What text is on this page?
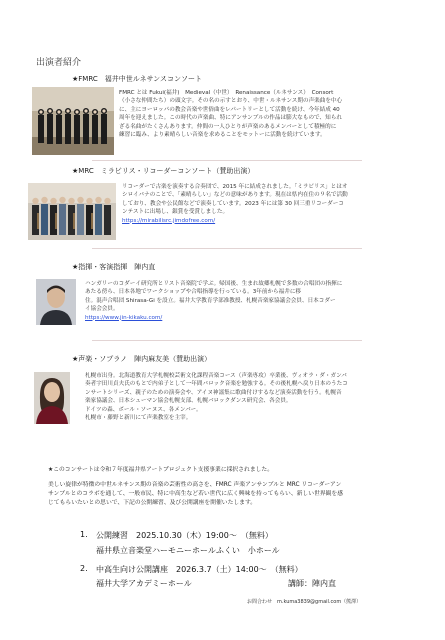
出演者紹介
★FMRC　福井中世ルネサンスコンソート
FMRC とは Fukui(福井)　Medieval（中世）　Renaissance（ルネサンス）　Consort
（小さな仲間たち）の頭文字。その名の示すとおり、中世・ルネサンス期の声楽曲を中心
に、主にヨーロッパの教会音楽や世俗曲をレパートリーとして活動を続け、今年結成 40
周年を迎えました。この時代の声楽曲、特にアンサンブルの作品は膨大なもので、知られ
ざる名曲がたくさんあります。仲間の一人ひとりが声楽のあるメンバーとして積極的に
練習に臨み、より素晴らしい音楽を求めることをモットーに活動を続けています。
★MRC　ミラビリス・リコーダーコンソート（賛助出演）
リコーダーで古楽を演奏する合奏団で、2015 年に結成されました。「ミラビリス」とはオ
シロイバナのことで、「素晴らしい」などの意味があります。現在は県内在住の９名で活動
しており、教会や公民館などで演奏しています。2023 年には第 30 回三重リコーダーコ
ンテストに出場し、銀賞を受賞しました。
https://mirabilisrc.jimdofree.com/
★指揮・客演指揮　陣内直
ハンガリーのコダーイ研究所とリスト音楽院で学ぶ。帰国後、生まれ故郷札幌で多数の合唱団の指揮に
あたる傍ら、日本各地でワークショップや合唱指導を行っている。3年前から福井に移
住。混声合唱団 Shirasa-Gi を設立。福井大学教育学部准教授、札幌音楽家協議会会員、日本コダー
イ協会会員。
https://www.jin-kikaku.com/
★声楽・ソプラノ　陣内麻友美（賛助出演）
札幌市出身。北海道教育大学札幌校芸術文化課程音楽コース（声楽専攻）卒業後、ヴィオラ・ダ・ガンバ
奏者宇田川貞夫氏のもとで内弟子として一年間バロック音楽を勉強する。その後札幌へ戻り日本のうたコ
ンサートシリーズ、親子のための演奏会や、アイヌ神謡集に歌曲付けするなど演奏活動を行う。札幌音
楽家協議会、日本シューマン協会札幌支部、札幌バロックダンス研究会、各会員。
ドイツの森、ボール・ソーヌス、各メンバー。
札幌市・藤野と新川にて声楽教室を主宰。
★このコンサートは令和７年度福井県アートプロジェクト支援事業に採択されました。
美しい旋律が特徴の中世ルネサンス期の音楽の芸術性の高さを、FMRC 声楽アンサンブルと MRC リコーダーアン
サンブルとのコラボを通して、一般市民、特に中高生など若い世代に広く興味を持ってもらい、新しい世界観を感
じてもらいたいとの思いで、下記の公開練習、及び公開講座を開催いたします。
1. 公開練習　2025.10.30（木）19:00～　（無料）
福井県立音楽堂ハーモニーホールふくい　小ホール
2. 中高生向け公開講座　2026.3.7（土）14:00～　（無料）
福井大学アカデミーホール	講師：陣内直
お問合わせ　m.kuma3839@gmail.com（熊澤）
